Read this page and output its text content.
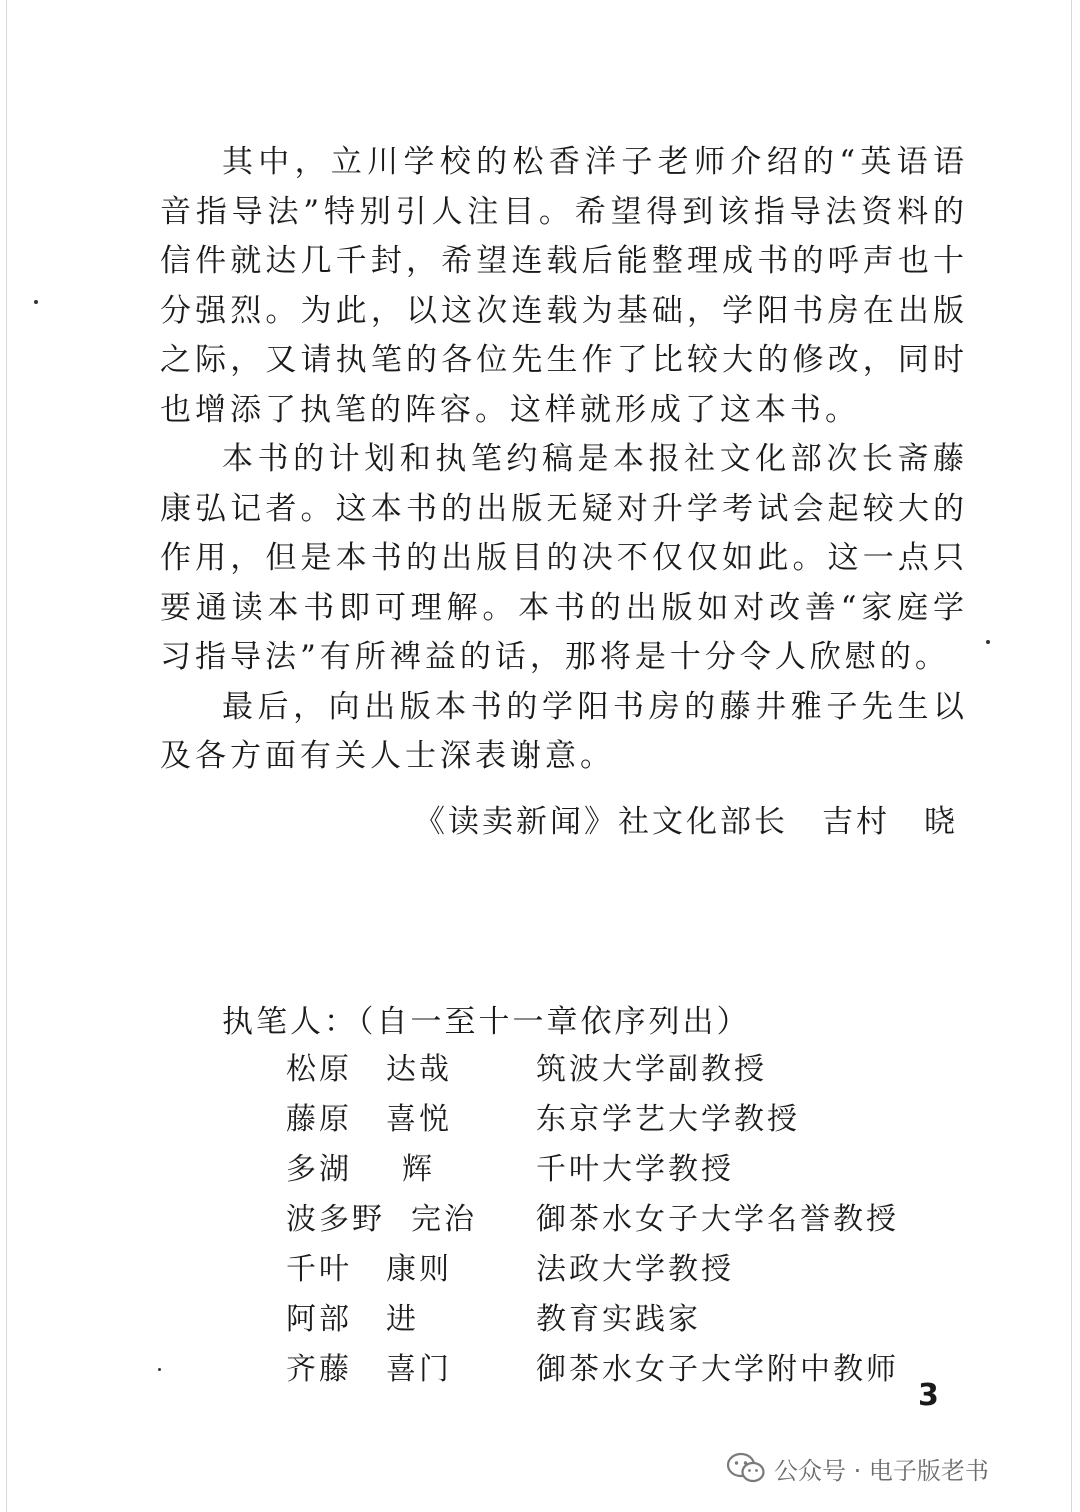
其中，立川学校的松香洋子老师介绍的“英语语音指导法”特别引人注目。希望得到该指导法资料的信件就达几千封，希望连载后能整理成书的呼声也十分强烈。为此，以这次连载为基础，学阳书房在出版之际，又请执笔的各位先生作了比较大的修改，同时也增添了执笔的阵容。这样就形成了这本书。

本书的计划和执笔约稿是本报社文化部次长斋藤康弘记者。这本书的出版无疑对升学考试会起较大的作用，但是本书的出版目的决不仅仅如此。这一点只要通读本书即可理解。本书的出版如对改善“家庭学习指导法”有所裨益的话，那将是十分令人欣慰的。

最后，向出版本书的学阳书房的藤井雅子先生以及各方面有关人士深表谢意。

《读卖新闻》社文化部长 吉村　晓
执笔人：（自一至十一章依序列出）
松原 达哉	筑波大学副教授
藤原 喜悦	东京学艺大学教授
多湖 辉	千叶大学教授
波多野 完治 御茶水女子大学名誉教授
千叶 康则	法政大学教授
阿部 进	教育实践家
齐藤 喜门	御茶水女子大学附中教师
3
公众号 · 电子版老书
